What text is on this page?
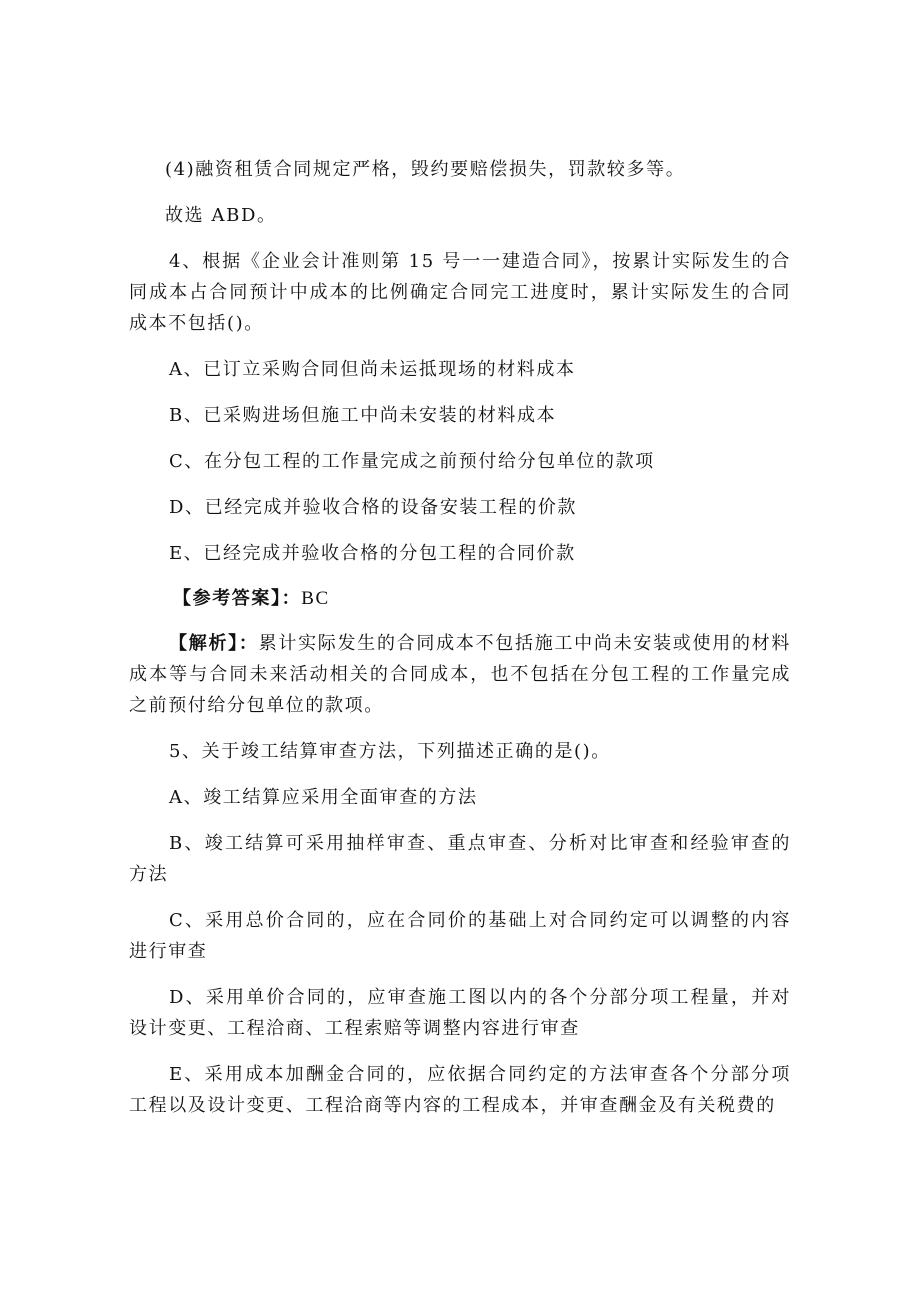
(4)融资租赁合同规定严格，毁约要赔偿损失，罚款较多等。

故选 ABD。

4、根据《企业会计准则第 15 号一一建造合同》，按累计实际发生的合同成本占合同预计中成本的比例确定合同完工进度时，累计实际发生的合同成本不包括()。

A、已订立采购合同但尚未运抵现场的材料成本

B、已采购进场但施工中尚未安装的材料成本

C、在分包工程的工作量完成之前预付给分包单位的款项

D、已经完成并验收合格的设备安装工程的价款

E、已经完成并验收合格的分包工程的合同价款

【参考答案】：BC

【解析】：累计实际发生的合同成本不包括施工中尚未安装或使用的材料成本等与合同未来活动相关的合同成本，也不包括在分包工程的工作量完成之前预付给分包单位的款项。

5、关于竣工结算审查方法，下列描述正确的是()。

A、竣工结算应采用全面审查的方法

B、竣工结算可采用抽样审查、重点审查、分析对比审查和经验审查的方法

C、采用总价合同的，应在合同价的基础上对合同约定可以调整的内容进行审查

D、采用单价合同的，应审查施工图以内的各个分部分项工程量，并对设计变更、工程洽商、工程索赔等调整内容进行审查

E、采用成本加酬金合同的，应依据合同约定的方法审查各个分部分项工程以及设计变更、工程洽商等内容的工程成本，并审查酬金及有关税费的
